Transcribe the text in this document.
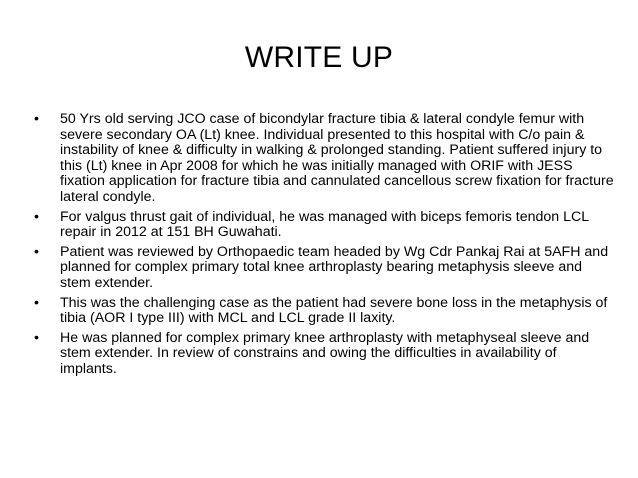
WRITE UP
• 50 Yrs old serving JCO case of bicondylar fracture tibia & lateral condyle femur with severe secondary OA (Lt) knee. Individual presented to this hospital with C/o pain & instability of knee & difficulty in walking & prolonged standing. Patient suffered injury to this (Lt) knee in Apr 2008 for which he was initially managed with ORIF with JESS fixation application for fracture tibia and cannulated cancellous screw fixation for fracture lateral condyle.
• For valgus thrust gait of individual, he was managed with biceps femoris tendon LCL repair in 2012 at 151 BH Guwahati.
• Patient was reviewed by Orthopaedic team headed by Wg Cdr Pankaj Rai at 5AFH and planned for complex primary total knee arthroplasty bearing metaphysis sleeve and stem extender.
• This was the challenging case as the patient had severe bone loss in the metaphysis of tibia (AOR I type III) with MCL and LCL grade II laxity.
• He was planned for complex primary knee arthroplasty with metaphyseal sleeve and stem extender. In review of constrains and owing the difficulties in availability of implants.
